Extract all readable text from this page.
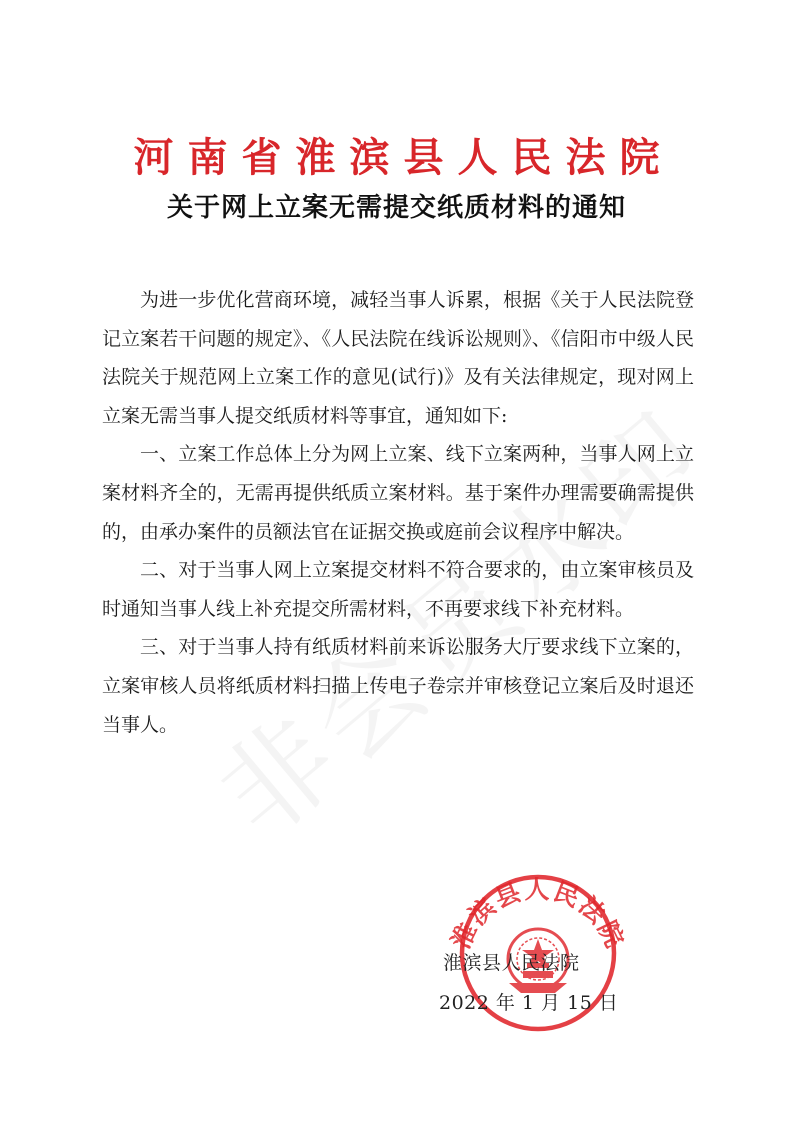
河南省淮滨县人民法院
关于网上立案无需提交纸质材料的通知

为进一步优化营商环境，减轻当事人诉累，根据《关于人民法院登记立案若干问题的规定》、《人民法院在线诉讼规则》、《信阳市中级人民法院关于规范网上立案工作的意见(试行)》及有关法律规定，现对网上立案无需当事人提交纸质材料等事宜，通知如下:

一、立案工作总体上分为网上立案、线下立案两种，当事人网上立案材料齐全的，无需再提供纸质立案材料。基于案件办理需要确需提供的，由承办案件的员额法官在证据交换或庭前会议程序中解决。

二、对于当事人网上立案提交材料不符合要求的，由立案审核员及时通知当事人线上补充提交所需材料，不再要求线下补充材料。

三、对于当事人持有纸质材料前来诉讼服务大厅要求线下立案的，立案审核人员将纸质材料扫描上传电子卷宗并审核登记立案后及时退还当事人。

淮滨县人民法院
淮滨县人民法院
2022 年 1 月 15 日
